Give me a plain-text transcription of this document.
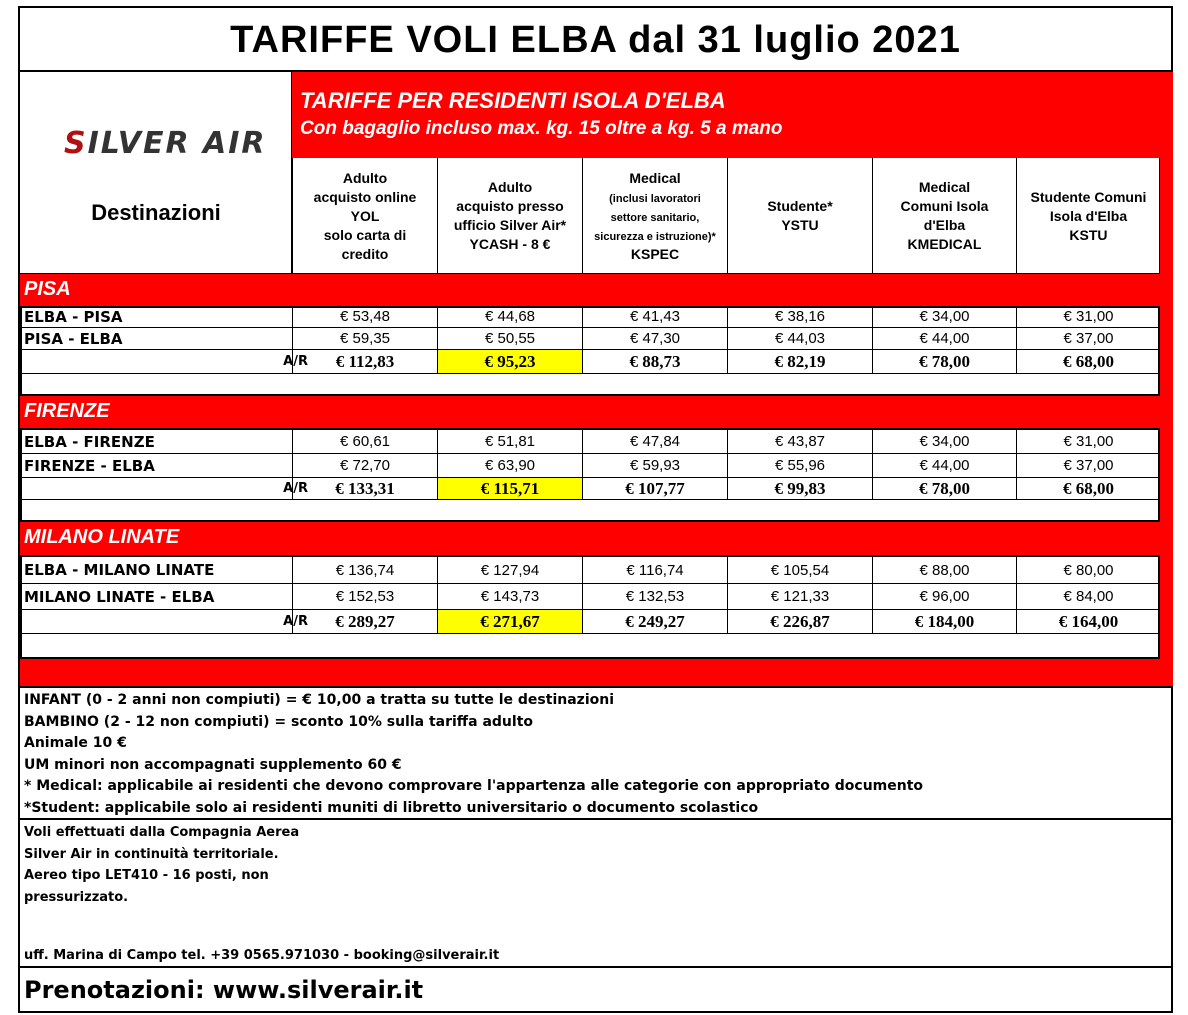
TARIFFE VOLI ELBA dal 31 luglio 2021
SILVER AIR
Destinazioni
TARIFFE PER RESIDENTI ISOLA D'ELBA
Con bagaglio incluso max. kg. 15 oltre a kg. 5 a mano
Adulto
acquisto online
YOL
solo carta di
credito

Adulto
acquisto presso
ufficio Silver Air*
YCASH - 8 €

Medical
(inclusi lavoratori
settore sanitario,
sicurezza e istruzione)*
KSPEC

Studente*
YSTU

Medical
Comuni Isola
d'Elba
KMEDICAL

Studente Comuni
Isola d'Elba
KSTU

PISA
ELBA - PISA	€ 53,48	€ 44,68	€ 41,43	€ 38,16	€ 34,00	€ 31,00
PISA - ELBA	€ 59,35	€ 50,55	€ 47,30	€ 44,03	€ 44,00	€ 37,00
A/R	€ 112,83	€ 95,23	€ 88,73	€ 82,19	€ 78,00	€ 68,00
FIRENZE
ELBA - FIRENZE	€ 60,61	€ 51,81	€ 47,84	€ 43,87	€ 34,00	€ 31,00
FIRENZE - ELBA	€ 72,70	€ 63,90	€ 59,93	€ 55,96	€ 44,00	€ 37,00
A/R	€ 133,31	€ 115,71	€ 107,77	€ 99,83	€ 78,00	€ 68,00
MILANO LINATE
ELBA - MILANO LINATE	€ 136,74	€ 127,94	€ 116,74	€ 105,54	€ 88,00	€ 80,00
MILANO LINATE - ELBA	€ 152,53	€ 143,73	€ 132,53	€ 121,33	€ 96,00	€ 84,00
A/R	€ 289,27	€ 271,67	€ 249,27	€ 226,87	€ 184,00	€ 164,00
INFANT (0 - 2 anni non compiuti) = € 10,00 a tratta su tutte le destinazioni
BAMBINO (2 - 12 non compiuti) = sconto 10% sulla tariffa adulto
Animale 10 €
UM minori non accompagnati supplemento 60 €
* Medical: applicabile ai residenti che devono comprovare l'appartenza alle categorie con appropriato documento
*Student: applicabile solo ai residenti muniti di libretto universitario o documento scolastico
Voli effettuati dalla Compagnia Aerea
Silver Air in continuità territoriale.
Aereo tipo LET410 - 16 posti, non
pressurizzato.
uff. Marina di Campo tel. +39 0565.971030 - booking@silverair.it
Prenotazioni: www.silverair.it
